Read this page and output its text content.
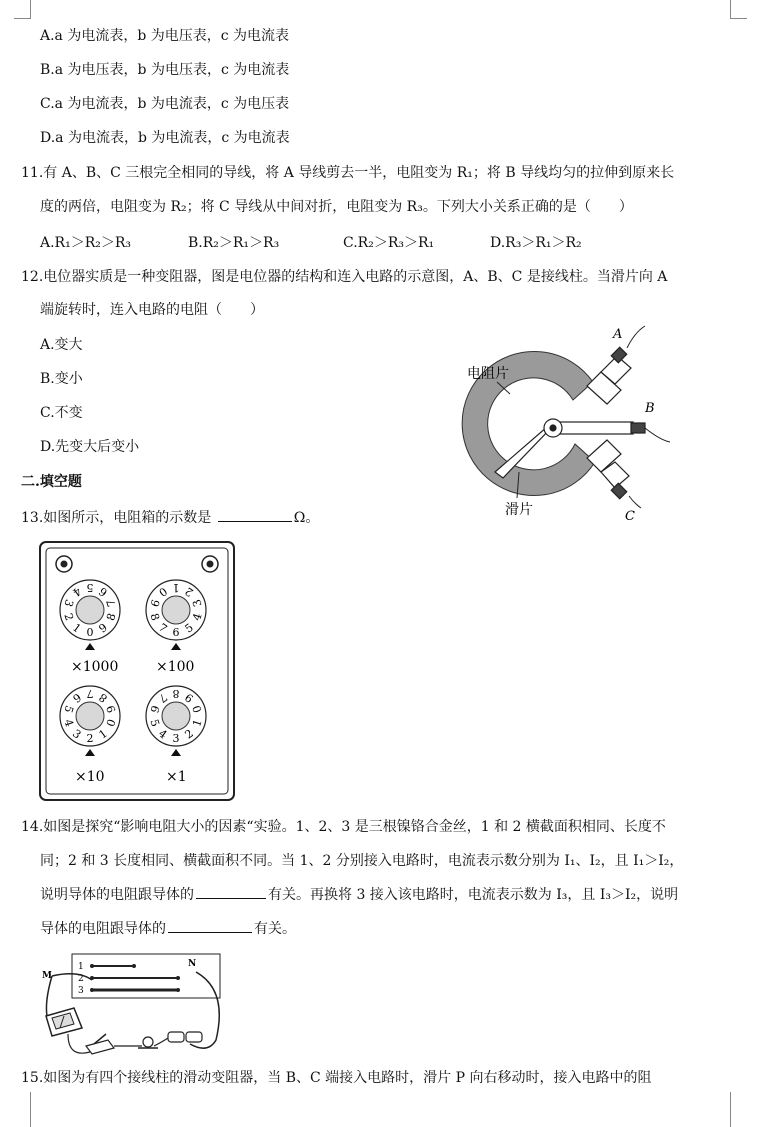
A.a 为电流表，b 为电压表，c 为电流表
B.a 为电压表，b 为电压表，c 为电流表
C.a 为电流表，b 为电流表，c 为电压表
D.a 为电流表，b 为电流表，c 为电流表
11.有 A、B、C 三根完全相同的导线，将 A 导线剪去一半，电阻变为 R₁；将 B 导线均匀的拉伸到原来长
度的两倍，电阻变为 R₂；将 C 导线从中间对折，电阻变为 R₃。下列大小关系正确的是（　　）
A.R₁＞R₂＞R₃	B.R₂＞R₁＞R₃	C.R₂＞R₃＞R₁	D.R₃＞R₁＞R₂
12.电位器实质是一种变阻器，图是电位器的结构和连入电路的示意图，A、B、C 是接线柱。当滑片向 A
端旋转时，连入电路的电阻（　　）
A.变大
B.变小
C.不变
D.先变大后变小
电阻片
滑片
A
B
C
二.填空题
13.如图所示，电阻箱的示数是	Ω。
0
1
2
3
4 5 6
7
8
9	6
7
8
9
0 1 2
3
4
5
2
3
4
5
6 7 8
9
0
1	3
4
5
6
7 8 9
0
1
2
×1000	×100
×10	×1
14.如图是探究“影响电阻大小的因素“实验。1、2、3 是三根镍铬合金丝，1 和 2 横截面积相同、长度不
同；2 和 3 长度相同、横截面积不同。当 1、2 分别接入电路时，电流表示数分别为 I₁、I₂，且 I₁＞I₂，
说明导体的电阻跟导体的	有关。再换将 3 接入该电路时，电流表示数为 I₃，且 I₃＞I₂，说明
导体的电阻跟导体的	有关。
1
2
3
M
N
15.如图为有四个接线柱的滑动变阻器，当 B、C 端接入电路时，滑片 P 向右移动时，接入电路中的阻
